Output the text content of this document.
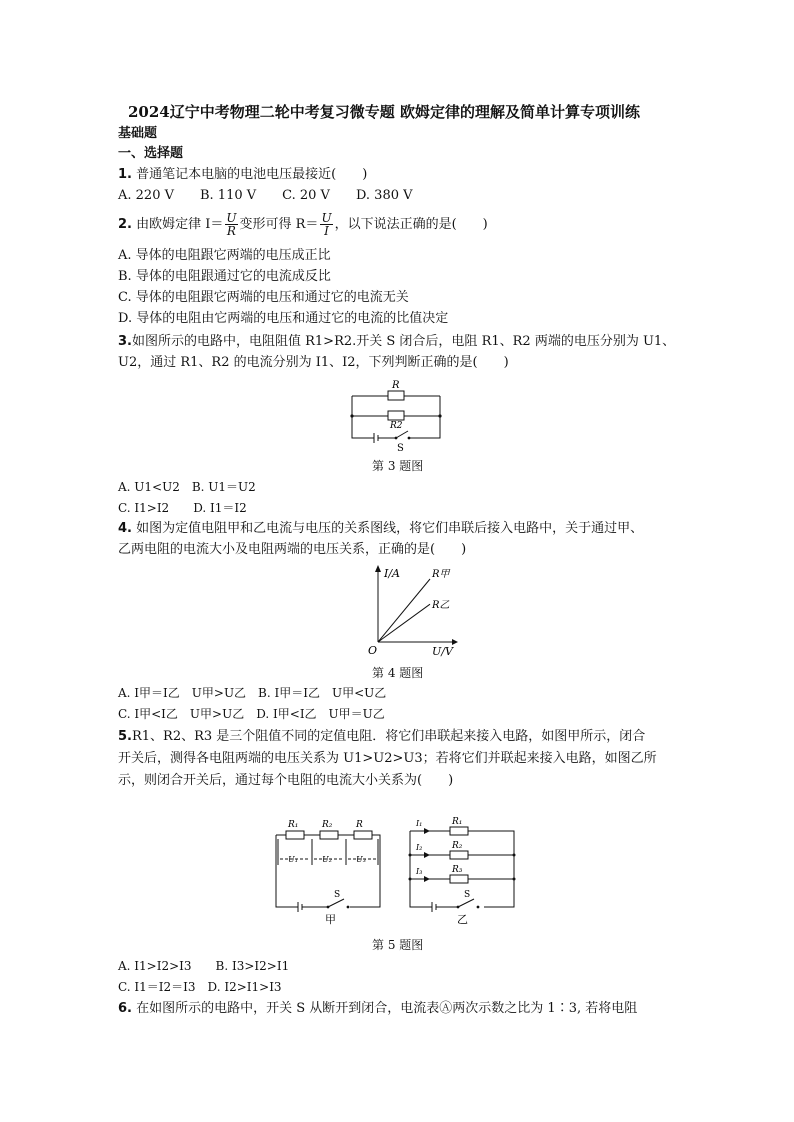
2024辽宁中考物理二轮中考复习微专题 欧姆定律的理解及简单计算专项训练
基础题
一、选择题
1. 普通笔记本电脑的电池电压最接近(　　)
A. 220 V　　B. 110 V　　C. 20 V　　D. 380 V
2. 由欧姆定律 $I= \frac{U}{R}$ 变形可得 $R= \frac{U}{I}$ ，以下说法正确的是(　　)
A. 导体的电阻跟它两端的电压成正比
B. 导体的电阻跟通过它的电流成反比
C. 导体的电阻跟它两端的电压和通过它的电流无关
D. 导体的电阻由它两端的电压和通过它的电流的比值决定
3.如图所示的电路中，电阻阻值 R1>R2.开关 S 闭合后，电阻 R1、R2 两端的电压分别为 U1、
U2，通过 R1、R2 的电流分别为 I1、I2，下列判断正确的是(　　)
R
R2
S
第 3 题图
A. U1<U2　B. U1＝U2
C. I1>I2　　D. I1＝I2
4. 如图为定值电阻甲和乙电流与电压的关系图线，将它们串联后接入电路中，关于通过甲、
乙两电阻的电流大小及电阻两端的电压关系，正确的是(　　)
I/A
U/V
O
R甲
R乙
第 4 题图
A. I甲＝I乙　U甲>U乙　B. I甲＝I乙　U甲<U乙
C. I甲<I乙　U甲>U乙　D. I甲<I乙　U甲＝U乙
5.R1、R2、R3 是三个阻值不同的定值电阻．将它们串联起来接入电路，如图甲所示，闭合
开关后，测得各电阻两端的电压关系为 U1>U2>U3；若将它们并联起来接入电路，如图乙所
示，则闭合开关后，通过每个电阻的电流大小关系为(　　)
R₁	R₂	R
U₁	U₂	U₃
S
甲
I₁
I₂
I₃
R₁
R₂
R₃
S
乙
第 5 题图
A. I1>I2>I3　　B. I3>I2>I1
C. I1＝I2＝I3　D. I2>I1>I3
6. 在如图所示的电路中，开关 S 从断开到闭合，电流表Ⓐ两次示数之比为 1∶3, 若将电阻
